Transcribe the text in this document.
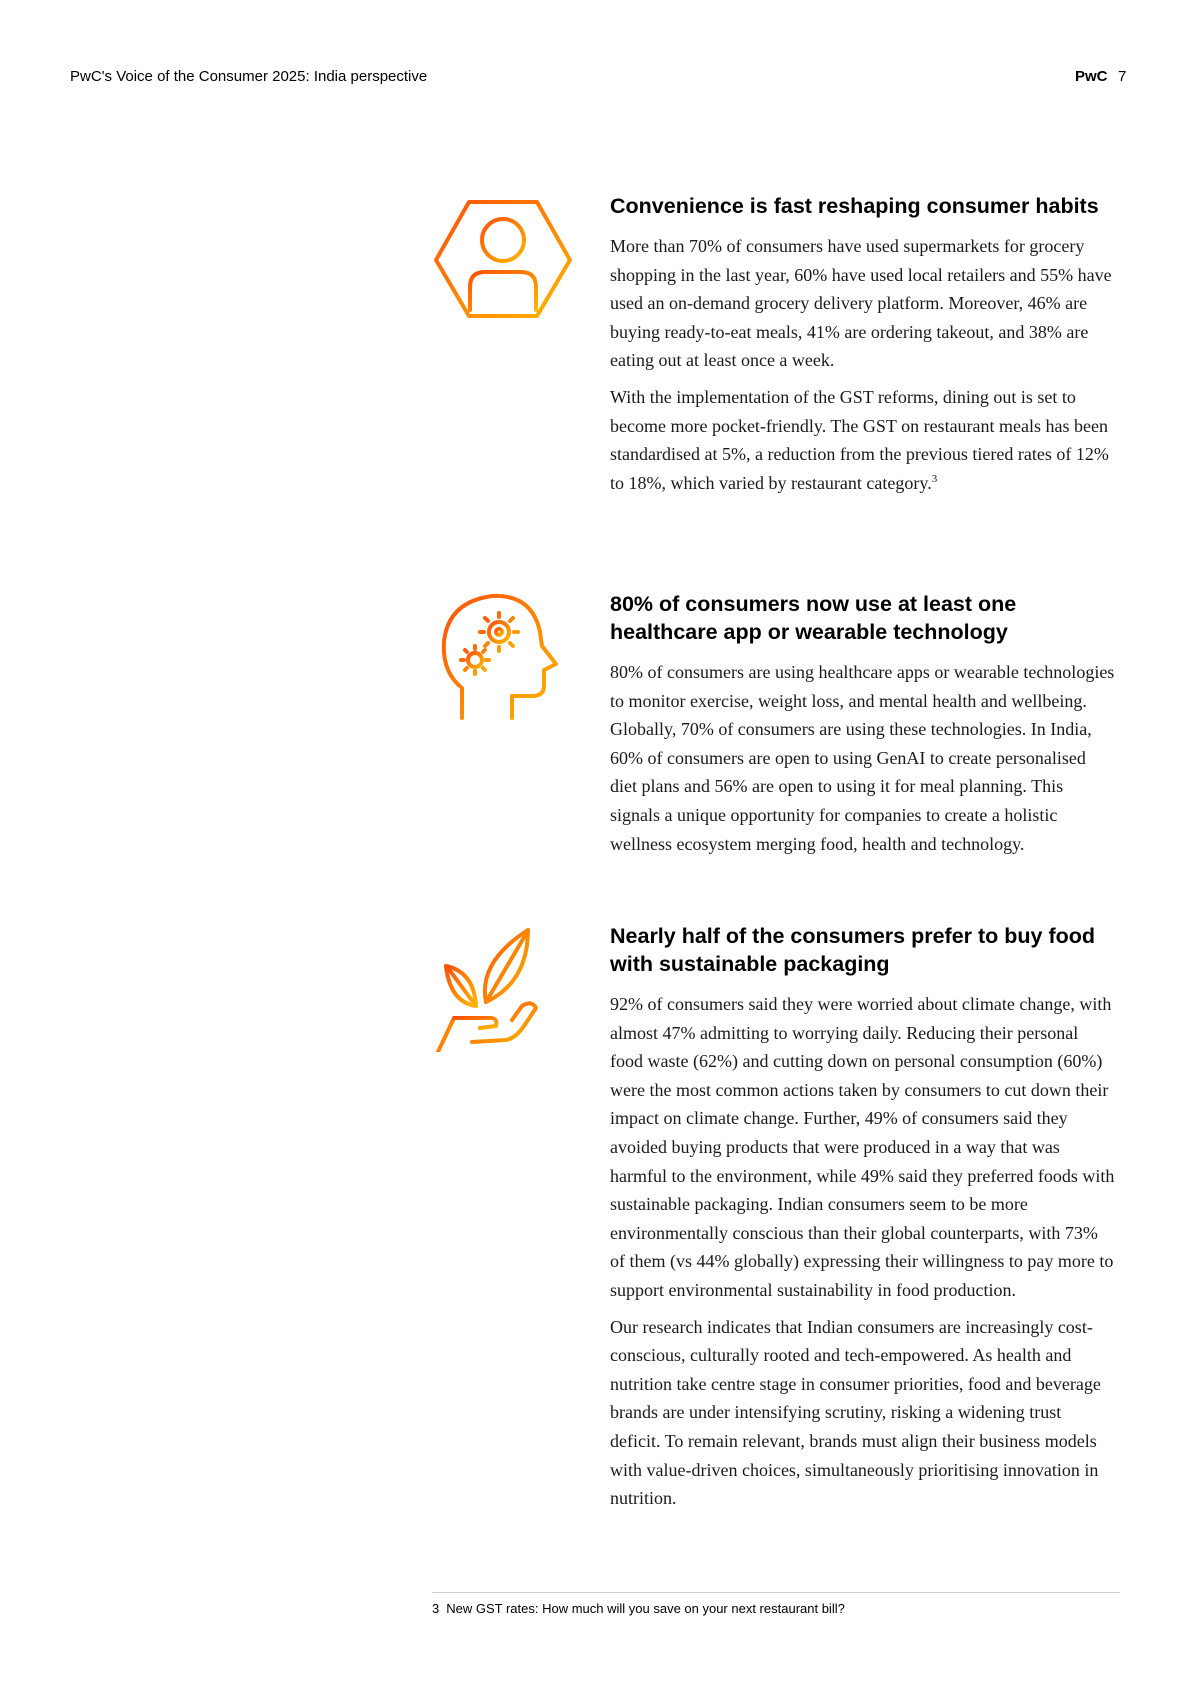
PwC's Voice of the Consumer 2025: India perspective	PwC 7
Convenience is fast reshaping consumer habits

More than 70% of consumers have used supermarkets for grocery shopping in the last year, 60% have used local retailers and 55% have used an on-demand grocery delivery platform. Moreover, 46% are buying ready-to-eat meals, 41% are ordering takeout, and 38% are eating out at least once a week.

With the implementation of the GST reforms, dining out is set to become more pocket-friendly. The GST on restaurant meals has been standardised at 5%, a reduction from the previous tiered rates of 12% to 18%, which varied by restaurant category.$^3$

80% of consumers now use at least one healthcare app or wearable technology

80% of consumers are using healthcare apps or wearable technologies to monitor exercise, weight loss, and mental health and wellbeing. Globally, 70% of consumers are using these technologies. In India, 60% of consumers are open to using GenAI to create personalised diet plans and 56% are open to using it for meal planning. This signals a unique opportunity for companies to create a holistic wellness ecosystem merging food, health and technology.

Nearly half of the consumers prefer to buy food with sustainable packaging

92% of consumers said they were worried about climate change, with almost 47% admitting to worrying daily. Reducing their personal food waste (62%) and cutting down on personal consumption (60%) were the most common actions taken by consumers to cut down their impact on climate change. Further, 49% of consumers said they avoided buying products that were produced in a way that was harmful to the environment, while 49% said they preferred foods with sustainable packaging. Indian consumers seem to be more environmentally conscious than their global counterparts, with 73% of them (vs 44% globally) expressing their willingness to pay more to support environmental sustainability in food production.

Our research indicates that Indian consumers are increasingly cost-conscious, culturally rooted and tech-empowered. As health and nutrition take centre stage in consumer priorities, food and beverage brands are under intensifying scrutiny, risking a widening trust deficit. To remain relevant, brands must align their business models with value-driven choices, simultaneously prioritising innovation in nutrition.

3 New GST rates: How much will you save on your next restaurant bill?
